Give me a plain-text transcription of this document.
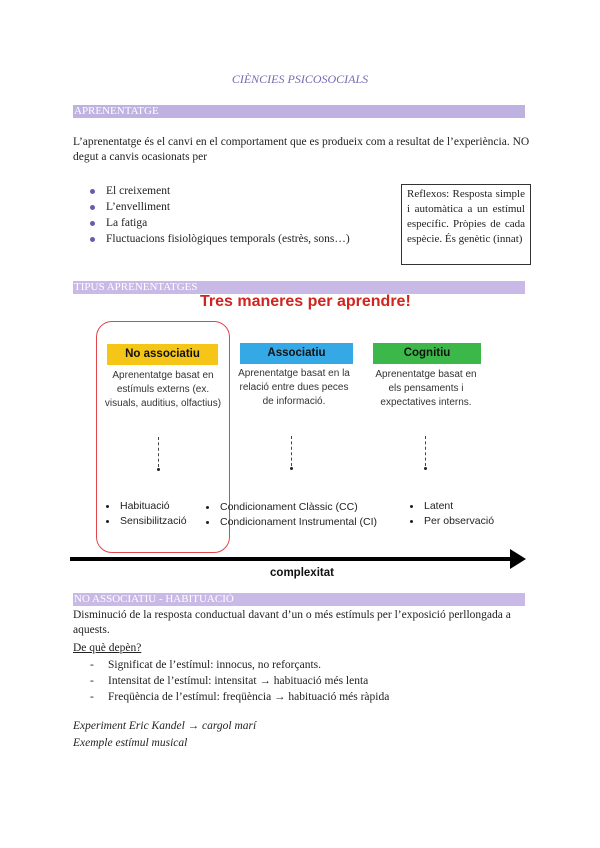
CIÈNCIES PSICOSOCIALS
APRENENTATGE
L’aprenentatge és el canvi en el comportament que es produeix com a resultat de l’experiència. NO degut a canvis ocasionats per
El creixement
L’envelliment
La fatiga
Fluctuacions fisiològiques temporals (estrès, sons…)
Reflexos: Resposta simple i automàtica a un estímul específic. Pròpies de cada espècie. És genètic (innat)
TIPUS APRENENTATGES
Tres maneres per aprendre!
No associatiu	Associatiu	Cognitiu
Aprenentatge basat en estímuls externs (ex. visuals, auditius, olfactius)
Aprenentatge basat en la relació entre dues peces de informació.
Aprenentatge basat en els pensaments i expectatives interns.
Habituació
Sensibilització
Condicionament Clàssic (CC)
Condicionament Instrumental (CI)
Latent
Per observació
complexitat
NO ASSOCIATIU - HABITUACIÓ
Disminució de la resposta conductual davant d’un o més estímuls per l’exposició perllongada a aquests.
De què depèn?
- Significat de l’estímul: innocus, no reforçants.
- Intensitat de l’estímul: intensitat → habituació més lenta
- Freqüència de l’estímul: freqüència → habituació més ràpida
Experiment Eric Kandel → cargol marí
Exemple estímul musical
